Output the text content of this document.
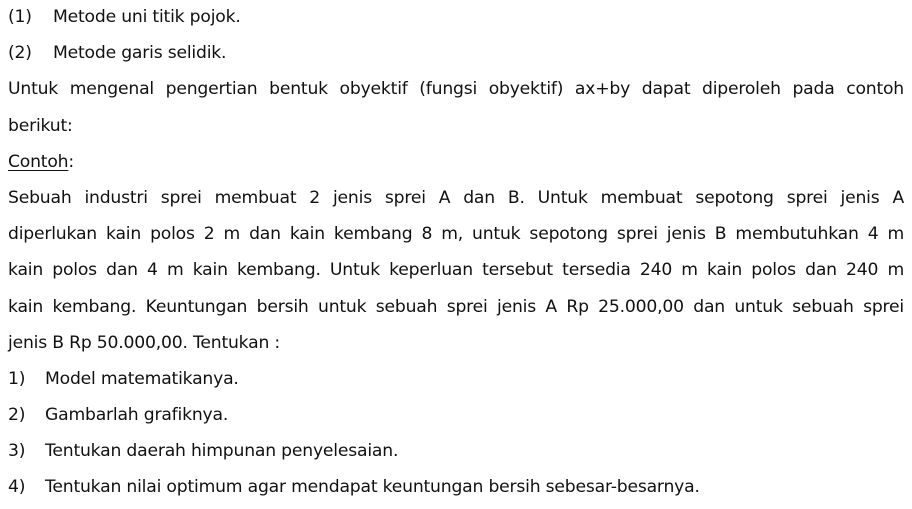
(1) Metode uni titik pojok.
(2) Metode garis selidik.
Untuk mengenal pengertian bentuk obyektif (fungsi obyektif) ax+by dapat diperoleh pada contoh
berikut:
Contoh:
Sebuah industri sprei membuat 2 jenis sprei A dan B. Untuk membuat sepotong sprei jenis A
diperlukan kain polos 2 m dan kain kembang 8 m, untuk sepotong sprei jenis B membutuhkan 4 m
kain polos dan 4 m kain kembang. Untuk keperluan tersebut tersedia 240 m kain polos dan 240 m
kain kembang. Keuntungan bersih untuk sebuah sprei jenis A Rp 25.000,00 dan untuk sebuah sprei
jenis B Rp 50.000,00. Tentukan :
1) Model matematikanya.
2) Gambarlah grafiknya.
3) Tentukan daerah himpunan penyelesaian.
4) Tentukan nilai optimum agar mendapat keuntungan bersih sebesar-besarnya.
